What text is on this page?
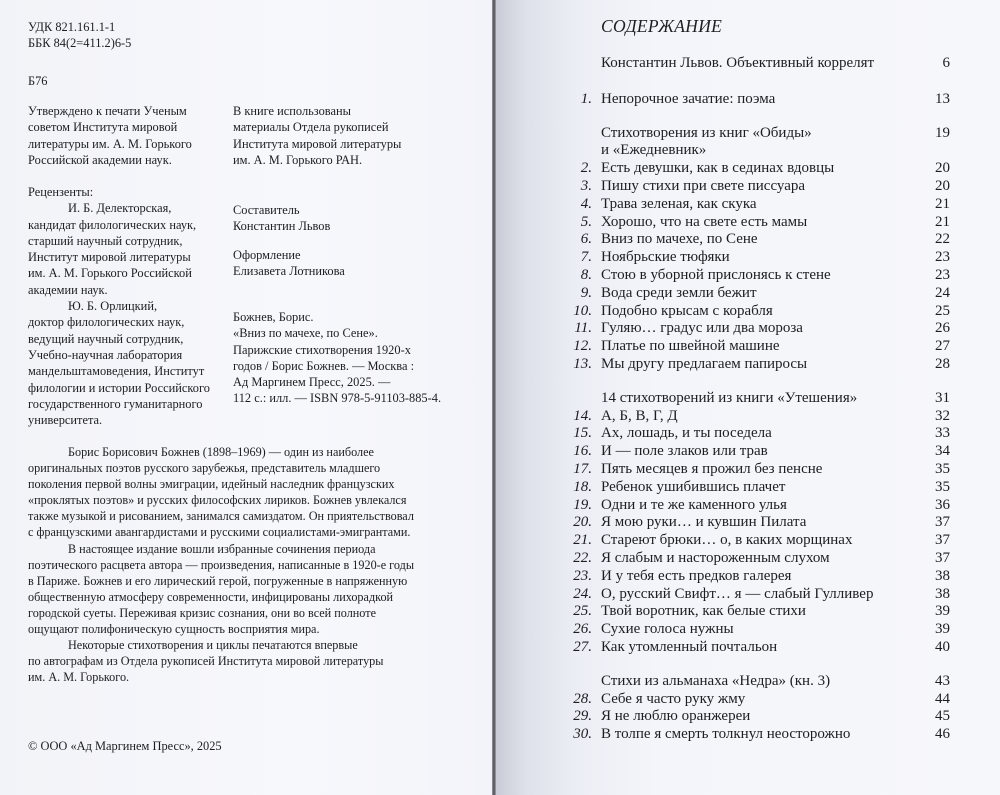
УДК 821.161.1-1
ББК 84(2=411.2)6-5
Б76
Утверждено к печати Ученым
советом Института мировой
литературы им. А. М. Горького
Российской академии наук.
В книге использованы
материалы Отдела рукописей
Института мировой литературы
им. А. М. Горького РАН.
Рецензенты:
И. Б. Делекторская,
кандидат филологических наук,
старший научный сотрудник,
Институт мировой литературы
им. А. М. Горького Российской
академии наук.
Ю. Б. Орлицкий,
доктор филологических наук,
ведущий научный сотрудник,
Учебно-научная лаборатория
мандельштамоведения, Институт
филологии и истории Российского
государственного гуманитарного
университета.
Составитель
Константин Львов
Оформление
Елизавета Лотникова
Божнев, Борис.
«Вниз по мачехе, по Сене».
Парижские стихотворения 1920-х
годов / Борис Божнев. — Москва :
Ад Маргинем Пресс, 2025. —
112 с.: илл. — ISBN 978-5-91103-885-4.

Борис Борисович Божнев (1898–1969) — один из наиболее
оригинальных поэтов русского зарубежья, представитель младшего
поколения первой волны эмиграции, идейный наследник французских
«проклятых поэтов» и русских философских лириков. Божнев увлекался
также музыкой и рисованием, занимался самиздатом. Он приятельствовал
с французскими авангардистами и русскими социалистами-эмигрантами.

В настоящее издание вошли избранные сочинения периода
поэтического расцвета автора — произведения, написанные в 1920-е годы
в Париже. Божнев и его лирический герой, погруженные в напряженную
общественную атмосферу современности, инфицированы лихорадкой
городской суеты. Переживая кризис сознания, они во всей полноте
ощущают полифоническую сущность восприятия мира.

Некоторые стихотворения и циклы печатаются впервые
по автографам из Отдела рукописей Института мировой литературы
им. А. М. Горького.

© ООО «Ад Маргинем Пресс», 2025
СОДЕРЖАНИЕ
Константин Львов. Объективный коррелят	6
1. Непорочное зачатие: поэма	13
Стихотворения из книг «Обиды»	19
и «Ежедневник»
2. Есть девушки, как в сединах вдовцы	20
3. Пишу стихи при свете писсуара	20
4. Трава зеленая, как скука	21
5. Хорошо, что на свете есть мамы	21
6. Вниз по мачехе, по Сене	22
7. Ноябрьские тюфяки	23
8. Стою в уборной прислонясь к стене	23
9. Вода среди земли бежит	24
10. Подобно крысам с корабля	25
11. Гуляю… градус или два мороза	26
12. Платье по швейной машине	27
13. Мы другу предлагаем папиросы	28
14 стихотворений из книги «Утешения»	31
14. А, Б, В, Г, Д	32
15. Ах, лошадь, и ты поседела	33
16. И — поле злаков или трав	34
17. Пять месяцев я прожил без пенсне	35
18. Ребенок ушибившись плачет	35
19. Одни и те же каменного улья	36
20. Я мою руки… и кувшин Пилата	37
21. Стареют брюки… о, в каких морщинах	37
22. Я слабым и настороженным слухом	37
23. И у тебя есть предков галерея	38
24. О, русский Свифт… я — слабый Гулливер	38
25. Твой воротник, как белые стихи	39
26. Сухие голоса нужны	39
27. Как утомленный почтальон	40
Стихи из альманаха «Недра» (кн. 3)	43
28. Себе я часто руку жму	44
29. Я не люблю оранжереи	45
30. В толпе я смерть толкнул неосторожно	46
